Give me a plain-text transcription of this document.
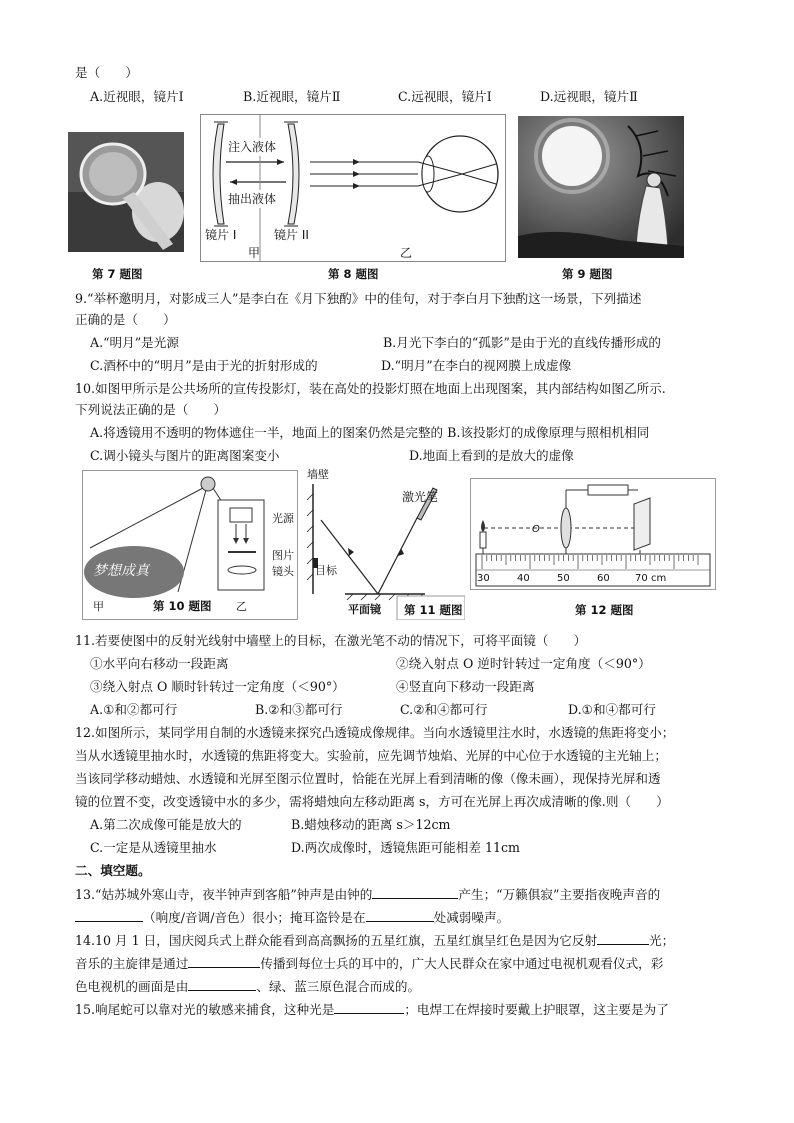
是（　　）
A.近视眼，镜片Ⅰ	B.近视眼，镜片Ⅱ	C.远视眼，镜片Ⅰ	D.远视眼，镜片Ⅱ
第 7 题图
注入液体
抽出液体
镜片 I	镜片 II
甲	乙
第 8 题图	第 9 题图
9.“举杯邀明月，对影成三人”是李白在《月下独酌》中的佳句，对于李白月下独酌这一场景，下列描述
正确的是（　　）
A.“明月”是光源	B.月光下李白的“孤影”是由于光的直线传播形成的
C.酒杯中的“明月”是由于光的折射形成的	D.“明月”在李白的视网膜上成虚像
10.如图甲所示是公共场所的宣传投影灯，装在高处的投影灯照在地面上出现图案，其内部结构如图乙所示.
下列说法正确的是（　　）
A.将透镜用不透明的物体遮住一半，地面上的图案仍然是完整的 B.该投影灯的成像原理与照相机相同
C.调小镜头与图片的距离图案变小	D.地面上看到的是放大的虚像
梦想成真
光源
图片
镜头
甲	乙
第 10 题图
墙壁
激光笔
目标
平面镜 第 11 题图
O
30	40	50	60	70 cm
第 12 题图
11.若要使图中的反射光线射中墙壁上的目标，在激光笔不动的情况下，可将平面镜（　　）
①水平向右移动一段距离	②绕入射点 O 逆时针转过一定角度（＜90°）
③绕入射点 O 顺时针转过一定角度（＜90°）	④竖直向下移动一段距离
A.①和②都可行	B.②和③都可行	C.②和④都可行	D.①和④都可行
12.如图所示，某同学用自制的水透镜来探究凸透镜成像规律。当向水透镜里注水时，水透镜的焦距将变小；
当从水透镜里抽水时，水透镜的焦距将变大。实验前，应先调节烛焰、光屏的中心位于水透镜的主光轴上；
当该同学移动蜡烛、水透镜和光屏至图示位置时，恰能在光屏上看到清晰的像（像未画），现保持光屏和透
镜的位置不变，改变透镜中水的多少，需将蜡烛向左移动距离 s，方可在光屏上再次成清晰的像.则（　　）
A.第二次成像可能是放大的	B.蜡烛移动的距离 s＞12cm
C.一定是从透镜里抽水	D.两次成像时，透镜焦距可能相差 11cm
二、填空题。
13.“姑苏城外寒山寺，夜半钟声到客船”钟声是由钟的	产生；“万籁俱寂”主要指夜晚声音的
（响度/音调/音色）很小；掩耳盗铃是在	处减弱噪声。
14.10 月 1 日，国庆阅兵式上群众能看到高高飘扬的五星红旗，五星红旗呈红色是因为它反射	光；
音乐的主旋律是通过	传播到每位士兵的耳中的，广大人民群众在家中通过电视机观看仪式，彩
色电视机的画面是由	、绿、蓝三原色混合而成的。
15.响尾蛇可以靠对光的敏感来捕食，这种光是	；电焊工在焊接时要戴上护眼罩，这主要是为了
